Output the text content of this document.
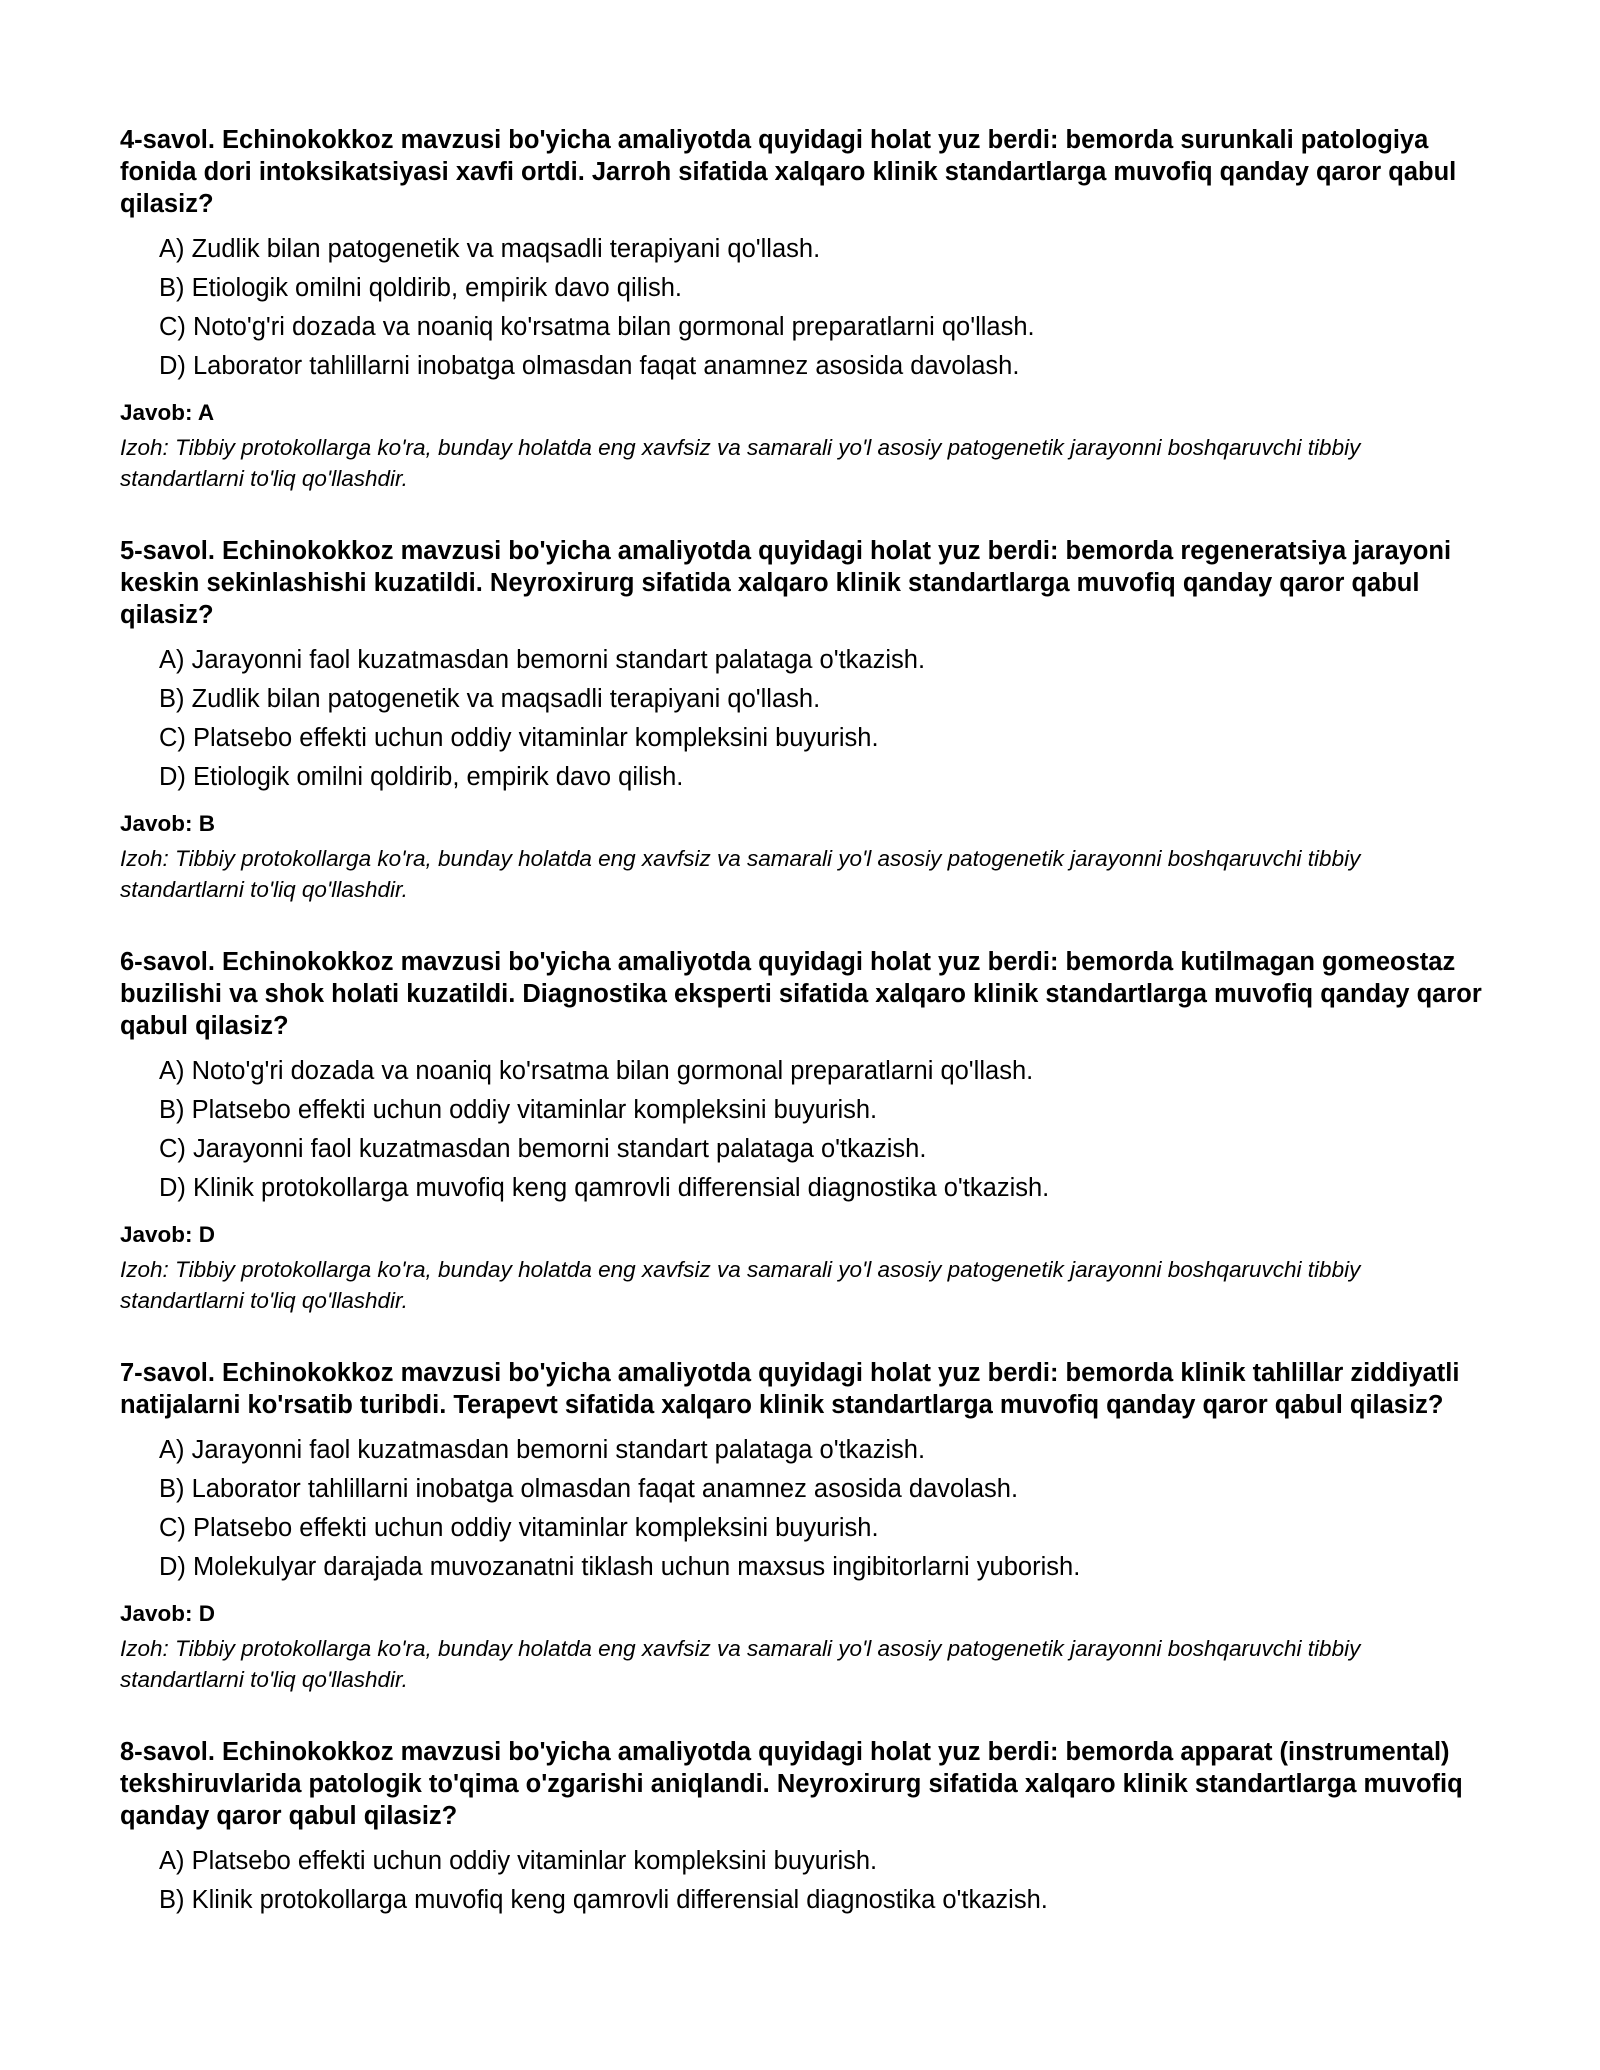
4-savol. Echinokokkoz mavzusi bo'yicha amaliyotda quyidagi holat yuz berdi: bemorda surunkali patologiya fonida dori intoksikatsiyasi xavfi ortdi. Jarroh sifatida xalqaro klinik standartlarga muvofiq qanday qaror qabul qilasiz?
A) Zudlik bilan patogenetik va maqsadli terapiyani qo'llash.
B) Etiologik omilni qoldirib, empirik davo qilish.
C) Noto'g'ri dozada va noaniq ko'rsatma bilan gormonal preparatlarni qo'llash.
D) Laborator tahlillarni inobatga olmasdan faqat anamnez asosida davolash.
Javob: A
Izoh: Tibbiy protokollarga ko'ra, bunday holatda eng xavfsiz va samarali yo'l asosiy patogenetik jarayonni boshqaruvchi tibbiy standartlarni to'liq qo'llashdir.
5-savol. Echinokokkoz mavzusi bo'yicha amaliyotda quyidagi holat yuz berdi: bemorda regeneratsiya jarayoni keskin sekinlashishi kuzatildi. Neyroxirurg sifatida xalqaro klinik standartlarga muvofiq qanday qaror qabul qilasiz?
A) Jarayonni faol kuzatmasdan bemorni standart palataga o'tkazish.
B) Zudlik bilan patogenetik va maqsadli terapiyani qo'llash.
C) Platsebo effekti uchun oddiy vitaminlar kompleksini buyurish.
D) Etiologik omilni qoldirib, empirik davo qilish.
Javob: B
Izoh: Tibbiy protokollarga ko'ra, bunday holatda eng xavfsiz va samarali yo'l asosiy patogenetik jarayonni boshqaruvchi tibbiy standartlarni to'liq qo'llashdir.
6-savol. Echinokokkoz mavzusi bo'yicha amaliyotda quyidagi holat yuz berdi: bemorda kutilmagan gomeostaz buzilishi va shok holati kuzatildi. Diagnostika eksperti sifatida xalqaro klinik standartlarga muvofiq qanday qaror qabul qilasiz?
A) Noto'g'ri dozada va noaniq ko'rsatma bilan gormonal preparatlarni qo'llash.
B) Platsebo effekti uchun oddiy vitaminlar kompleksini buyurish.
C) Jarayonni faol kuzatmasdan bemorni standart palataga o'tkazish.
D) Klinik protokollarga muvofiq keng qamrovli differensial diagnostika o'tkazish.
Javob: D
Izoh: Tibbiy protokollarga ko'ra, bunday holatda eng xavfsiz va samarali yo'l asosiy patogenetik jarayonni boshqaruvchi tibbiy standartlarni to'liq qo'llashdir.
7-savol. Echinokokkoz mavzusi bo'yicha amaliyotda quyidagi holat yuz berdi: bemorda klinik tahlillar ziddiyatli natijalarni ko'rsatib turibdi. Terapevt sifatida xalqaro klinik standartlarga muvofiq qanday qaror qabul qilasiz?
A) Jarayonni faol kuzatmasdan bemorni standart palataga o'tkazish.
B) Laborator tahlillarni inobatga olmasdan faqat anamnez asosida davolash.
C) Platsebo effekti uchun oddiy vitaminlar kompleksini buyurish.
D) Molekulyar darajada muvozanatni tiklash uchun maxsus ingibitorlarni yuborish.
Javob: D
Izoh: Tibbiy protokollarga ko'ra, bunday holatda eng xavfsiz va samarali yo'l asosiy patogenetik jarayonni boshqaruvchi tibbiy standartlarni to'liq qo'llashdir.
8-savol. Echinokokkoz mavzusi bo'yicha amaliyotda quyidagi holat yuz berdi: bemorda apparat (instrumental) tekshiruvlarida patologik to'qima o'zgarishi aniqlandi. Neyroxirurg sifatida xalqaro klinik standartlarga muvofiq qanday qaror qabul qilasiz?
A) Platsebo effekti uchun oddiy vitaminlar kompleksini buyurish.
B) Klinik protokollarga muvofiq keng qamrovli differensial diagnostika o'tkazish.
